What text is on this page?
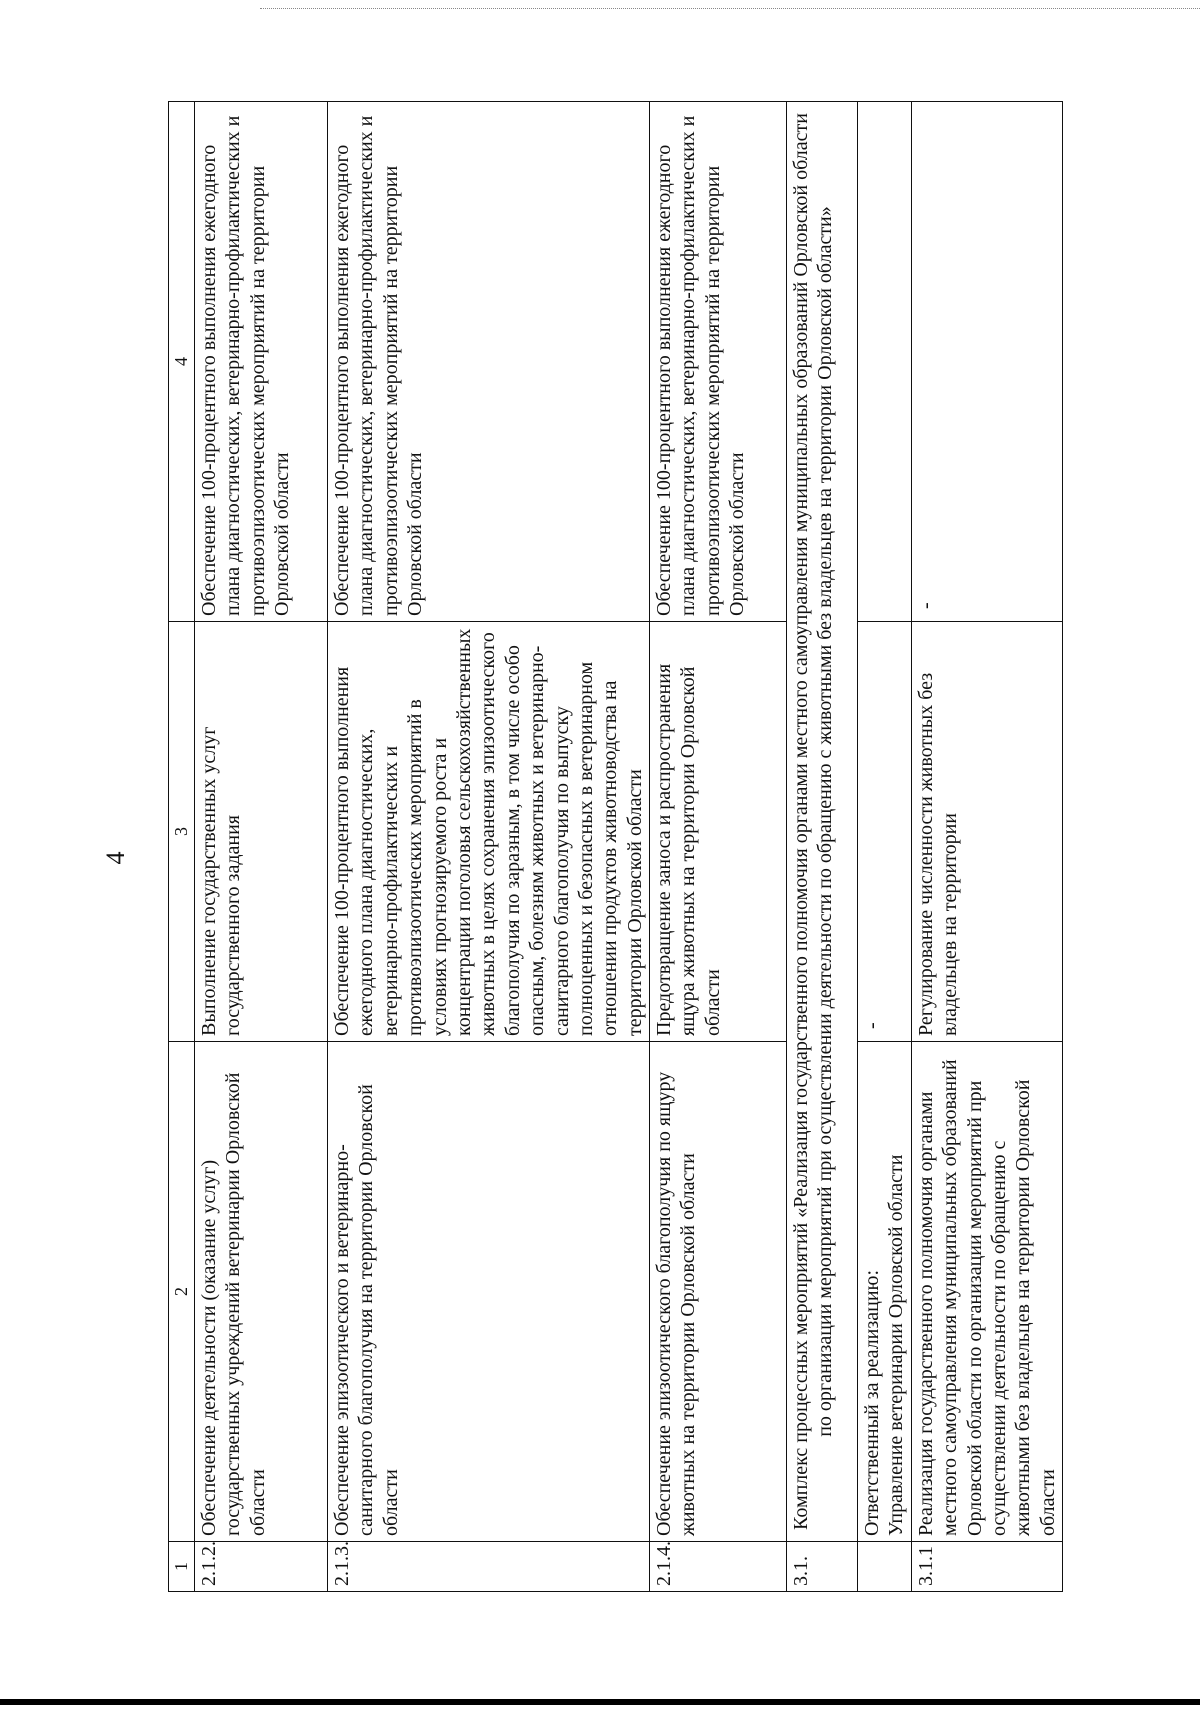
4
1	2	3	4
2.1.2.	Обеспечение деятельности (оказание услуг) государственных учреждений ветеринарии Орловской области	Выполнение государственных услуг государственного задания	Обеспечение 100-процентного выполнения ежегодного плана диагностических, ветеринарно-профилактических и противоэпизоотических мероприятий на территории Орловской области
2.1.3.	Обеспечение эпизоотического и ветеринарно-санитарного благополучия на территории Орловской области	Обеспечение 100-процентного выполнения ежегодного плана диагностических, ветеринарно-профилактических и противоэпизоотических мероприятий в условиях прогнозируемого роста и концентрации поголовья сельскохозяйственных животных в целях сохранения эпизоотического благополучия по заразным, в том числе особо опасным, болезням животных и ветеринарно-санитарного благополучия по выпуску полноценных и безопасных в ветеринарном отношении продуктов животноводства на территории Орловской области	Обеспечение 100-процентного выполнения ежегодного плана диагностических, ветеринарно-профилактических и противоэпизоотических мероприятий на территории Орловской области
2.1.4.	Обеспечение эпизоотического благополучия по ящуру животных на территории Орловской области	Предотвращение заноса и распространения ящура животных на территории Орловской области	Обеспечение 100-процентного выполнения ежегодного плана диагностических, ветеринарно-профилактических и противоэпизоотических мероприятий на территории Орловской области
3.1.	Комплекс процессных мероприятий «Реализация государственного полномочия органами местного самоуправления муниципальных образований Орловской области по организации мероприятий при осуществлении деятельности по обращению с животными без владельцев на территории Орловской области»		

	Ответственный за реализацию: Управление ветеринарии Орловской области	-	
3.1.1	Реализация государственного полномочия органами местного самоуправления муниципальных образований Орловской области по организации мероприятий при осуществлении деятельности по обращению с животными без владельцев на территории Орловской области	Регулирование численности животных без владельцев на территории	-
